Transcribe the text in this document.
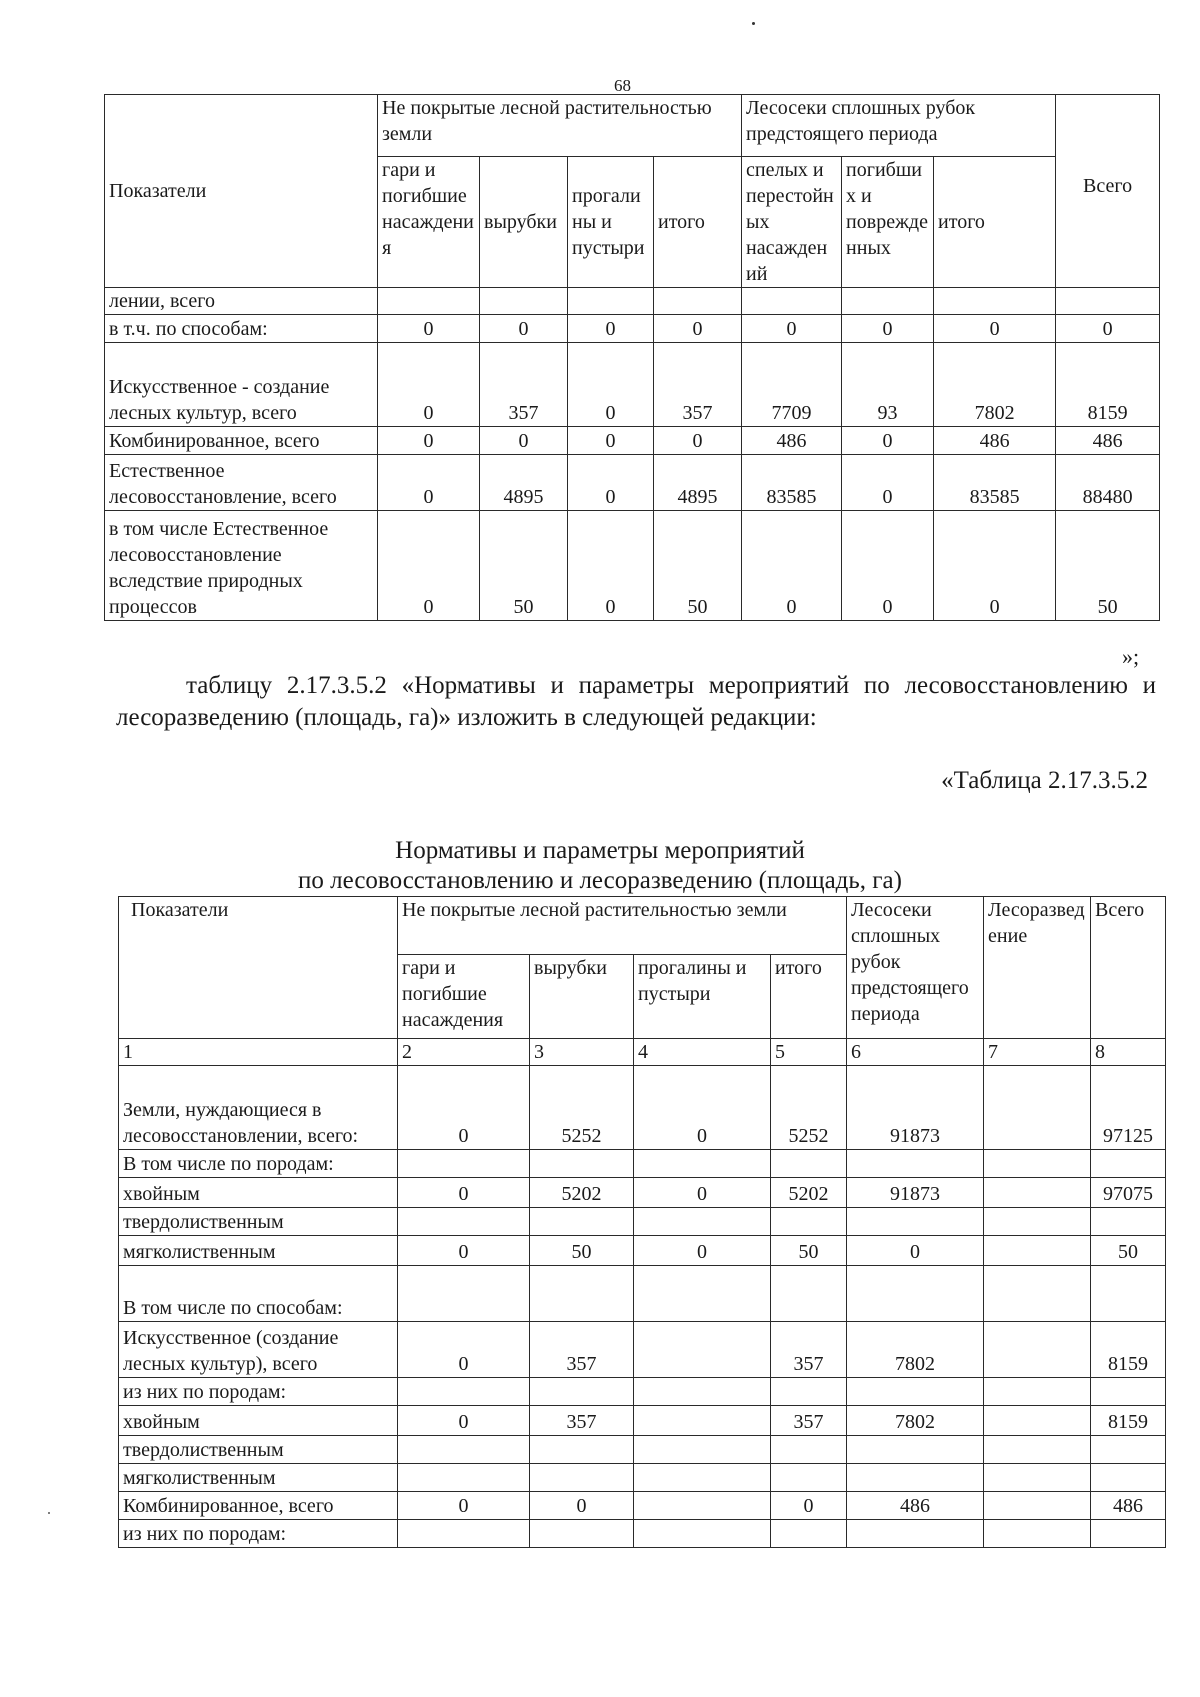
68
Показатели	Не покрытые лесной растительностью земли				Лесосеки сплошных рубок предстоящего периода			Всего
	гари и погибшие насаждения	вырубки	прогалины и пустыри	итого	спелых и перестойных насаждений	погибших и поврежденных	итого	
лении, всего								
в т.ч. по способам:	0	0	0	0	0	0	0	0
Искусственное - создание лесных культур, всего	0	357	0	357	7709	93	7802	8159
Комбинированное, всего	0	0	0	0	486	0	486	486
Естественное лесовосстановление, всего	0	4895	0	4895	83585	0	83585	88480
в том числе Естественное лесовосстановление вследствие природных процессов	0	50	0	50	0	0	0	50
»;
таблицу 2.17.3.5.2 «Нормативы и параметры мероприятий по лесовосстановлению и лесоразведению (площадь, га)» изложить в следующей редакции:
«Таблица 2.17.3.5.2
Нормативы и параметры мероприятий
по лесовосстановлению и лесоразведению (площадь, га)
Показатели	Не покрытые лесной растительностью земли				Лесосеки сплошных рубок предстоящего периода	Лесоразведение	Всего
	гари и погибшие насаждения	вырубки	прогалины и пустыри	итого			
1	2	3	4	5	6	7	8
Земли, нуждающиеся в лесовосстановлении, всего:	0	5252	0	5252	91873		97125
В том числе по породам:							
хвойным	0	5202	0	5202	91873		97075
твердолиственным							
мягколиственным	0	50	0	50	0		50
В том числе по способам:							
Искусственное (создание лесных культур), всего	0	357		357	7802		8159
из них по породам:							
хвойным	0	357		357	7802		8159
твердолиственным							
мягколиственным							
Комбинированное, всего	0	0		0	486		486
из них по породам:							
